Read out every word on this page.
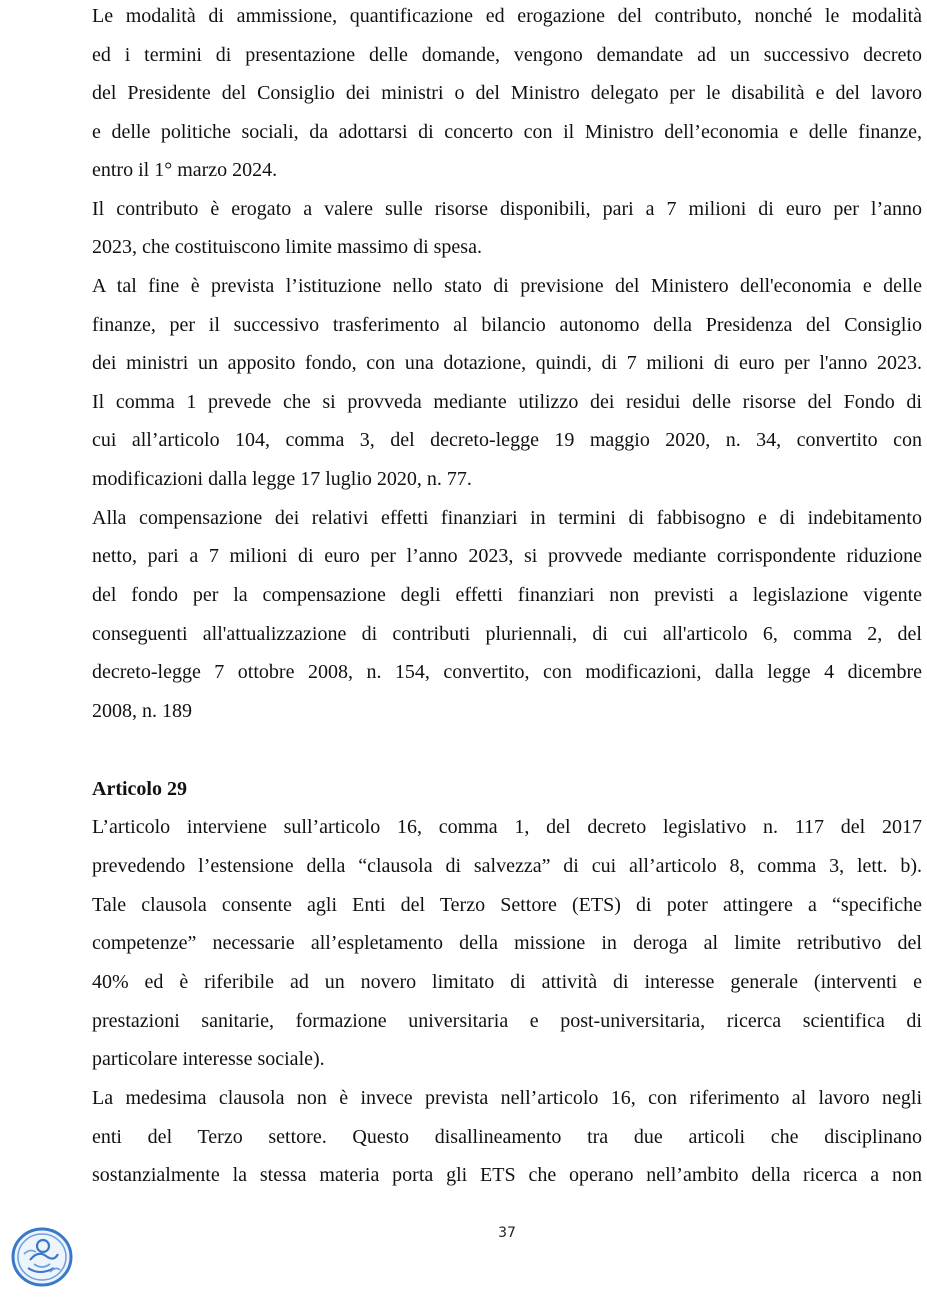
Le modalità di ammissione, quantificazione ed erogazione del contributo, nonché le modalità
ed i termini di presentazione delle domande, vengono demandate ad un successivo decreto
del Presidente del Consiglio dei ministri o del Ministro delegato per le disabilità e del lavoro
e delle politiche sociali, da adottarsi di concerto con il Ministro dell’economia e delle finanze,
entro il 1° marzo 2024.
Il contributo è erogato a valere sulle risorse disponibili, pari a 7 milioni di euro per l’anno
2023, che costituiscono limite massimo di spesa.
A tal fine è prevista l’istituzione nello stato di previsione del Ministero dell'economia e delle
finanze, per il successivo trasferimento al bilancio autonomo della Presidenza del Consiglio
dei ministri un apposito fondo, con una dotazione, quindi, di 7 milioni di euro per l'anno 2023.
Il comma 1 prevede che si provveda mediante utilizzo dei residui delle risorse del Fondo di
cui all’articolo 104, comma 3, del decreto-legge 19 maggio 2020, n. 34, convertito con
modificazioni dalla legge 17 luglio 2020, n. 77.
Alla compensazione dei relativi effetti finanziari in termini di fabbisogno e di indebitamento
netto, pari a 7 milioni di euro per l’anno 2023, si provvede mediante corrispondente riduzione
del fondo per la compensazione degli effetti finanziari non previsti a legislazione vigente
conseguenti all'attualizzazione di contributi pluriennali, di cui all'articolo 6, comma 2, del
decreto-legge 7 ottobre 2008, n. 154, convertito, con modificazioni, dalla legge 4 dicembre
2008, n. 189
Articolo 29
L’articolo interviene sull’articolo 16, comma 1, del decreto legislativo n. 117 del 2017
prevedendo l’estensione della “clausola di salvezza” di cui all’articolo 8, comma 3, lett. b).
Tale clausola consente agli Enti del Terzo Settore (ETS) di poter attingere a “specifiche
competenze” necessarie all’espletamento della missione in deroga al limite retributivo del
40% ed è riferibile ad un novero limitato di attività di interesse generale (interventi e
prestazioni sanitarie, formazione universitaria e post-universitaria, ricerca scientifica di
particolare interesse sociale).
La medesima clausola non è invece prevista nell’articolo 16, con riferimento al lavoro negli
enti del Terzo settore. Questo disallineamento tra due articoli che disciplinano
sostanzialmente la stessa materia porta gli ETS che operano nell’ambito della ricerca a non
37
